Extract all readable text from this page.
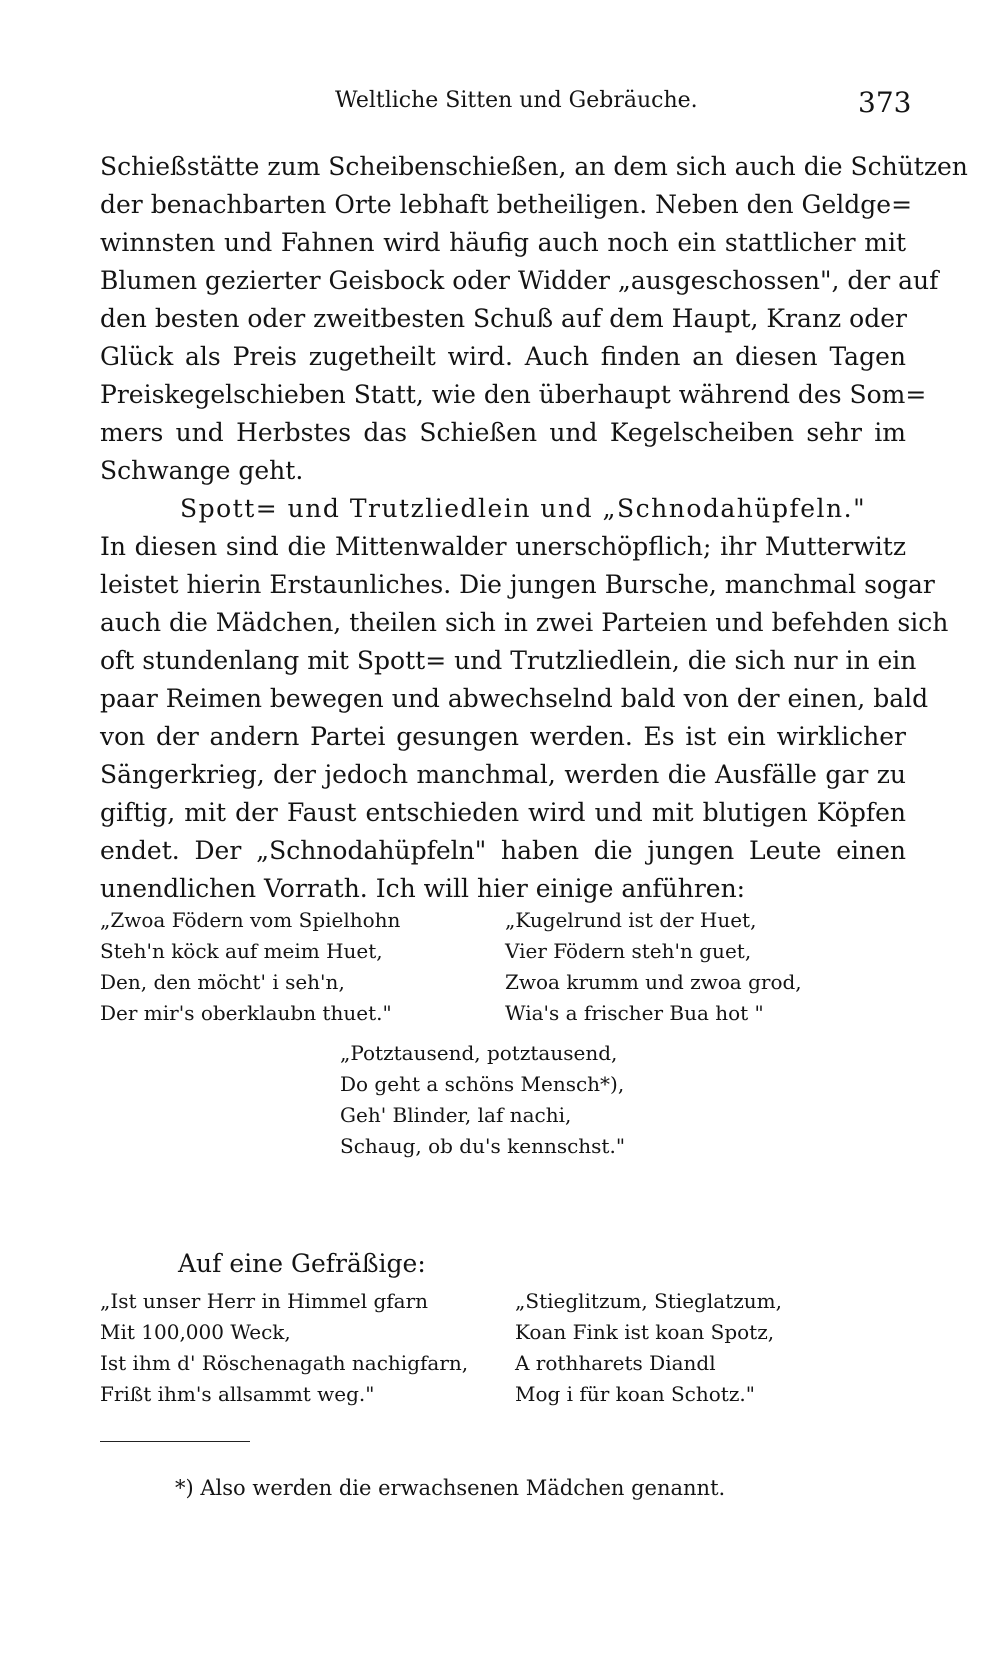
Weltliche Sitten und Gebräuche.	373
Schießstätte zum Scheibenschießen, an dem sich auch die Schützen
der benachbarten Orte lebhaft betheiligen. Neben den Geldge=
winnsten und Fahnen wird häufig auch noch ein stattlicher mit
Blumen gezierter Geisbock oder Widder „ausgeschossen", der auf
den besten oder zweitbesten Schuß auf dem Haupt, Kranz oder
Glück als Preis zugetheilt wird. Auch finden an diesen Tagen
Preiskegelschieben Statt, wie den überhaupt während des Som=
mers und Herbstes das Schießen und Kegelscheiben sehr im
Schwange geht.
Spott= und Trutzliedlein und „Schnodahüpfeln."
In diesen sind die Mittenwalder unerschöpflich; ihr Mutterwitz
leistet hierin Erstaunliches. Die jungen Bursche, manchmal sogar
auch die Mädchen, theilen sich in zwei Parteien und befehden sich
oft stundenlang mit Spott= und Trutzliedlein, die sich nur in ein
paar Reimen bewegen und abwechselnd bald von der einen, bald
von der andern Partei gesungen werden. Es ist ein wirklicher
Sängerkrieg, der jedoch manchmal, werden die Ausfälle gar zu
giftig, mit der Faust entschieden wird und mit blutigen Köpfen
endet. Der „Schnodahüpfeln" haben die jungen Leute einen
unendlichen Vorrath. Ich will hier einige anführen:
„Zwoa Födern vom Spielhohn
Steh'n köck auf meim Huet,
Den, den möcht' i seh'n,
Der mir's oberklaubn thuet."
„Kugelrund ist der Huet,
Vier Födern steh'n guet,
Zwoa krumm und zwoa grod,
Wia's a frischer Bua hot "
„Potztausend, potztausend,
Do geht a schöns Mensch*),
Geh' Blinder, laf nachi,
Schaug, ob du's kennschst."
Auf eine Gefräßige:
„Ist unser Herr in Himmel gfarn
Mit 100,000 Weck,
Ist ihm d' Röschenagath nachigfarn,
Frißt ihm's allsammt weg."
„Stieglitzum, Stieglatzum,
Koan Fink ist koan Spotz,
A rothharets Diandl
Mog i für koan Schotz."
*) Also werden die erwachsenen Mädchen genannt.
